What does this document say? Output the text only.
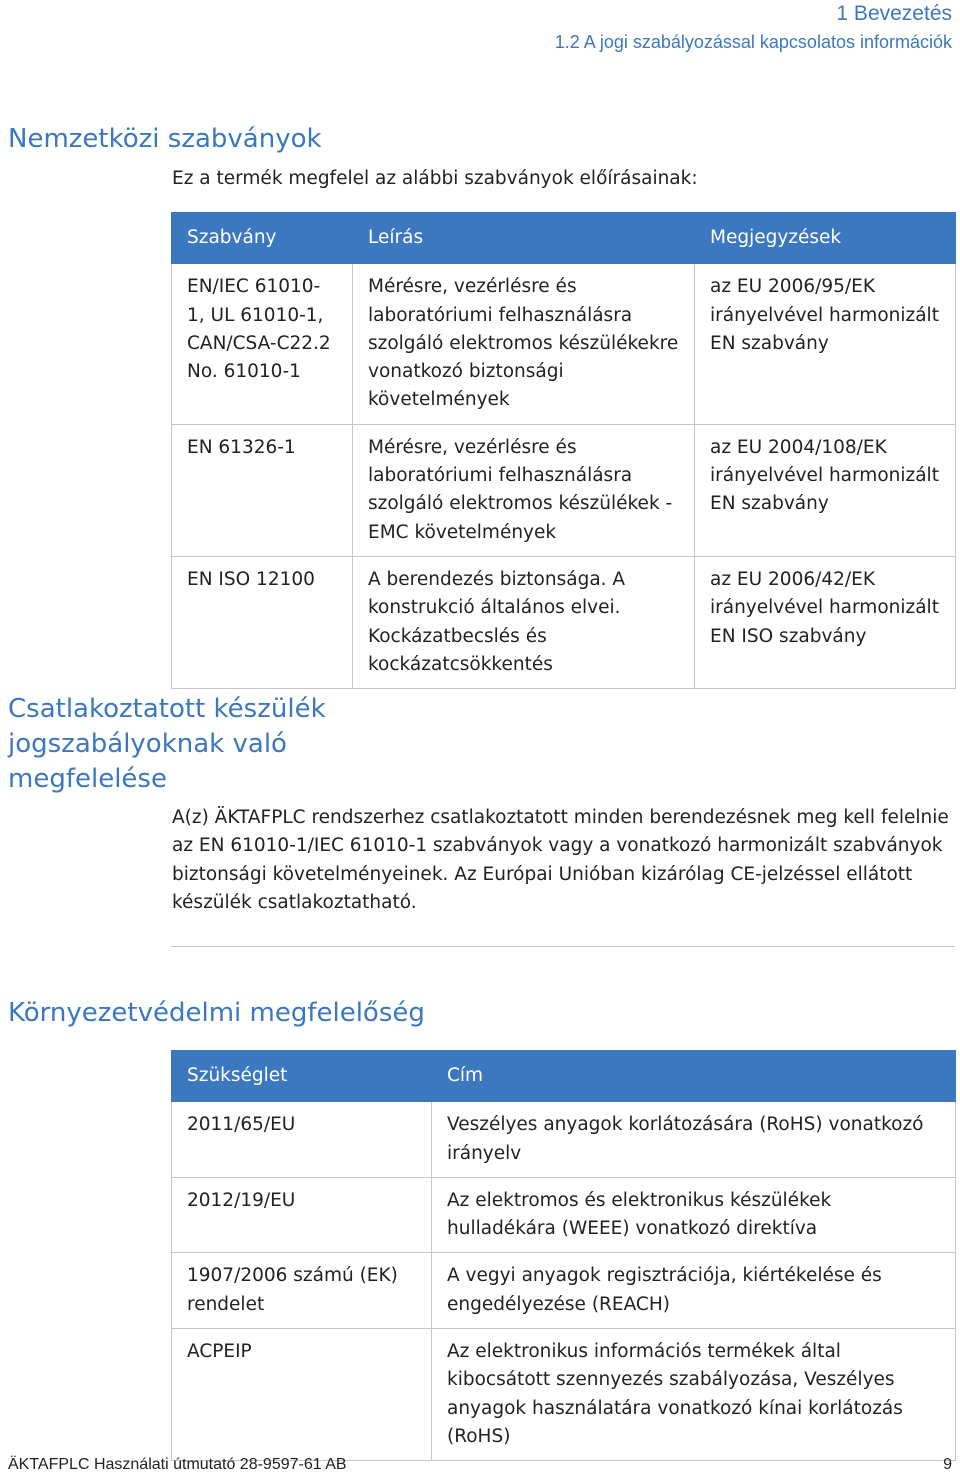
1 Bevezetés
1.2 A jogi szabályozással kapcsolatos információk
Nemzetközi szabványok

Ez a termék megfelel az alábbi szabványok előírásainak:

Szabvány	Leírás	Megjegyzések
EN/IEC 61010-1, UL 61010-1, CAN/CSA-C22.2 No. 61010-1	Mérésre, vezérlésre és laboratóriumi felhasználásra szolgáló elektromos készülékekre vonatkozó biztonsági követelmények	az EU 2006/95/EK irányelvével harmonizált EN szabvány
EN 61326-1	Mérésre, vezérlésre és laboratóriumi felhasználásra szolgáló elektromos készülékek - EMC követelmények	az EU 2004/108/EK irányelvével harmonizált EN szabvány
EN ISO 12100	A berendezés biztonsága. A konstrukció általános elvei. Kockázatbecslés és kockázatcsökkentés	az EU 2006/42/EK irányelvével harmonizált EN ISO szabvány
Csatlakoztatott készülék
jogszabályoknak való
megfelelése

A(z) ÄKTAFPLC rendszerhez csatlakoztatott minden berendezésnek meg kell felelnie az EN 61010-1/IEC 61010-1 szabványok vagy a vonatkozó harmonizált szabványok biztonsági követelményeinek. Az Európai Unióban kizárólag CE-jelzéssel ellátott készülék csatlakoztatható.

Környezetvédelmi megfelelőség
Szükséglet	Cím
2011/65/EU	Veszélyes anyagok korlátozására (RoHS) vonatkozó irányelv
2012/19/EU	Az elektromos és elektronikus készülékek hulladékára (WEEE) vonatkozó direktíva
1907/2006 számú (EK) rendelet	A vegyi anyagok regisztrációja, kiértékelése és engedélyezése (REACH)
ACPEIP	Az elektronikus információs termékek által kibocsátott szennyezés szabályozása, Veszélyes anyagok használatára vonatkozó kínai korlátozás (RoHS)
ÄKTAFPLC Használati útmutató 28-9597-61 AB	9
